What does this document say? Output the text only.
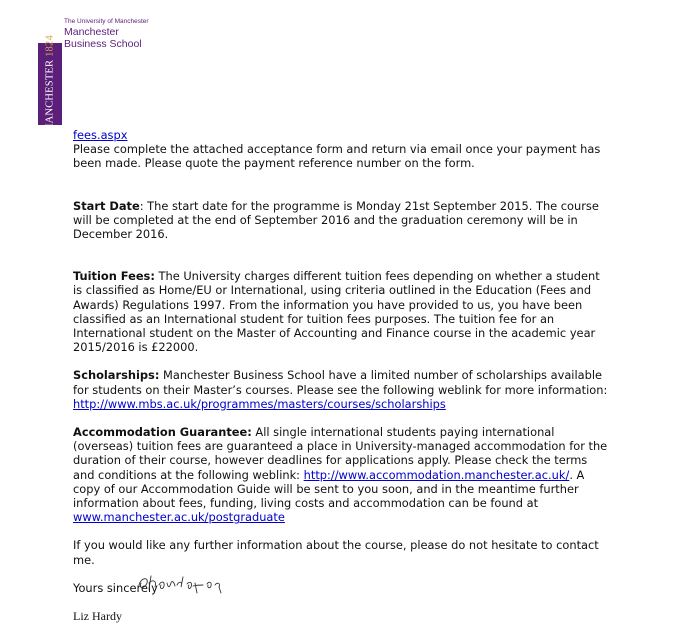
MANCHESTER 1824
The University of Manchester
Manchester
Business School

fees.aspx
Please complete the attached acceptance form and return via email once your payment has been made. Please quote the payment reference number on the form.

Start Date: The start date for the programme is Monday 21st September 2015. The course will be completed at the end of September 2016 and the graduation ceremony will be in December 2016.

Tuition Fees: The University charges different tuition fees depending on whether a student is classified as Home/EU or International, using criteria outlined in the Education (Fees and Awards) Regulations 1997. From the information you have provided to us, you have been classified as an International student for tuition fees purposes. The tuition fee for an International student on the Master of Accounting and Finance course in the academic year 2015/2016 is £22000.

Scholarships: Manchester Business School have a limited number of scholarships available for students on their Master’s courses. Please see the following weblink for more information:
http://www.mbs.ac.uk/programmes/masters/courses/scholarships

Accommodation Guarantee: All single international students paying international (overseas) tuition fees are guaranteed a place in University-managed accommodation for the duration of their course, however deadlines for applications apply. Please check the terms and conditions at the following weblink: http://www.accommodation.manchester.ac.uk/. A copy of our Accommodation Guide will be sent to you soon, and in the meantime further information about fees, funding, living costs and accommodation can be found at www.manchester.ac.uk/postgraduate

If you would like any further information about the course, please do not hesitate to contact me.

Yours sincerely

Liz Hardy
